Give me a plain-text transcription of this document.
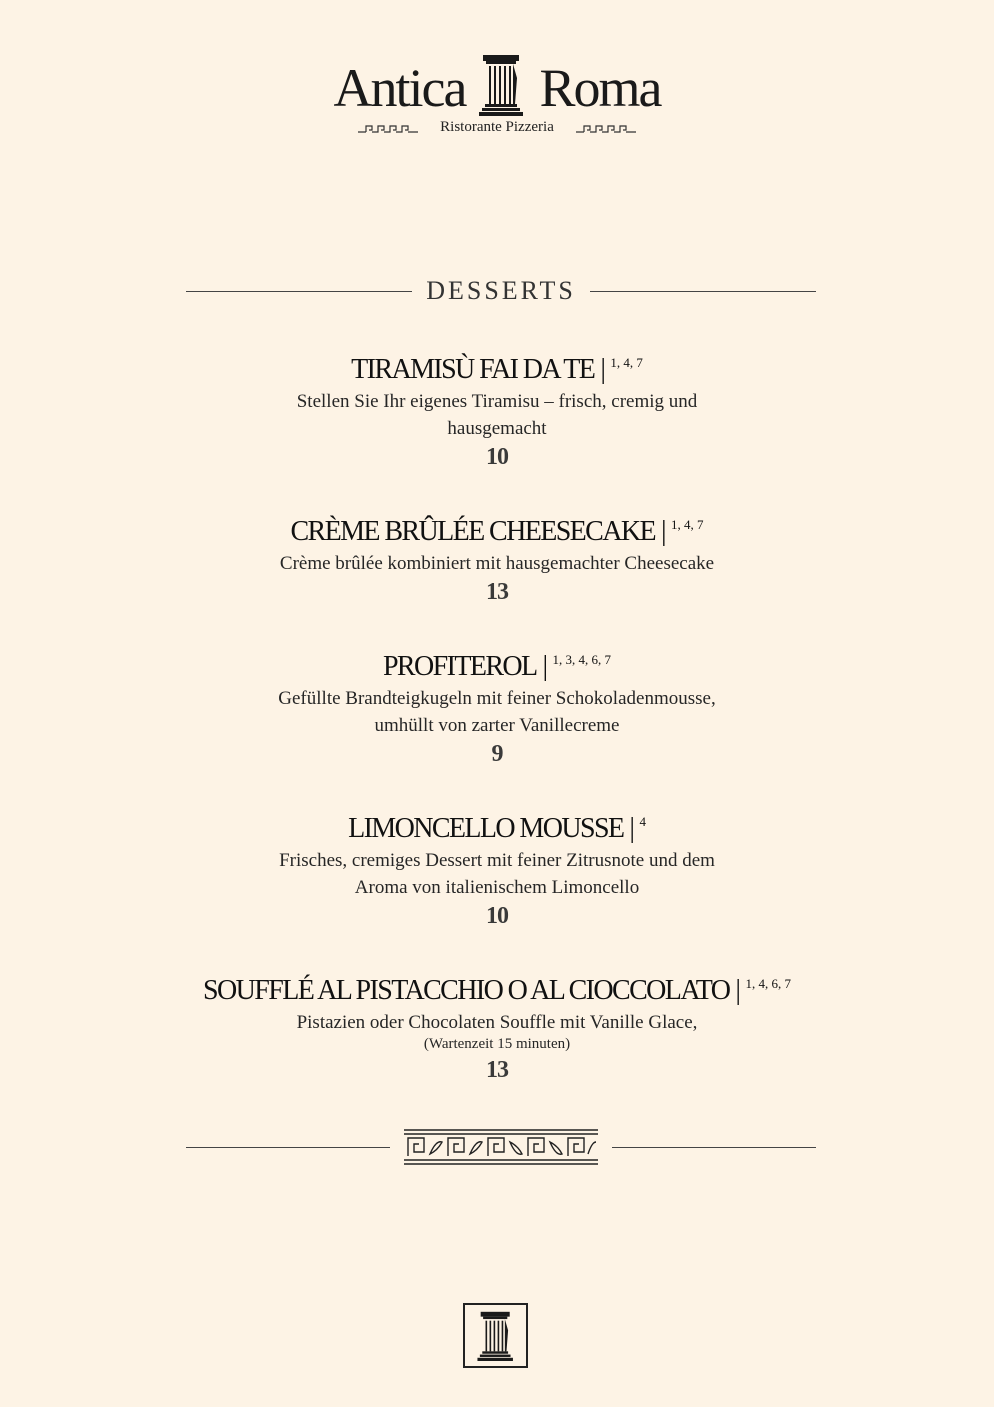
Antica Roma
Ristorante Pizzeria
DESSERTS
TIRAMISÙ FAI DA TE | $^{1, 4, 7}$
Stellen Sie Ihr eigenes Tiramisu – frisch, cremig und
hausgemacht
10
CRÈME BRÛLÉE CHEESECAKE | $^{1, 4, 7}$
Crème brûlée kombiniert mit hausgemachter Cheesecake
13
PROFITEROL | $^{1, 3, 4, 6, 7}$
Gefüllte Brandteigkugeln mit feiner Schokoladenmousse,
umhüllt von zarter Vanillecreme
9
LIMONCELLO MOUSSE | $^4$
Frisches, cremiges Dessert mit feiner Zitrusnote und dem
Aroma von italienischem Limoncello
10
SOUFFLÉ AL PISTACCHIO O AL CIOCCOLATO | $^{1, 4, 6, 7}$
Pistazien oder Chocolaten Souffle mit Vanille Glace,
(Wartenzeit 15 minuten)
13
